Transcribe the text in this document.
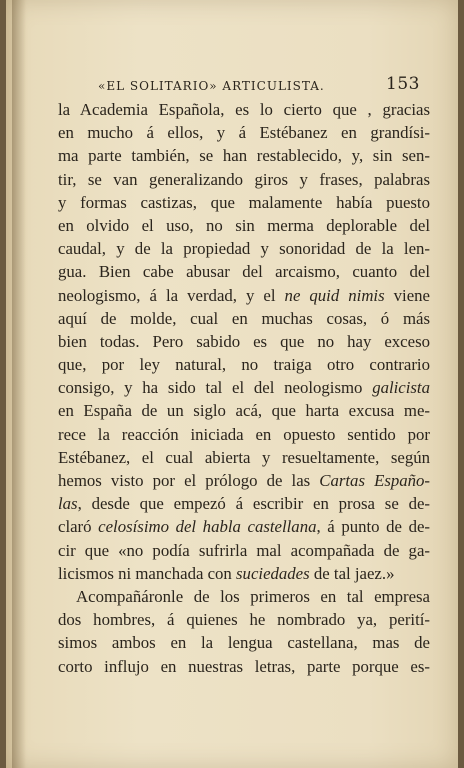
«EL SOLITARIO» ARTICULISTA.	153
la Academia Española, es lo cierto que , gracias
en mucho á ellos, y á Estébanez en grandísi-
ma parte también, se han restablecido, y, sin sen-
tir, se van generalizando giros y frases, palabras
y formas castizas, que malamente había puesto
en olvido el uso, no sin merma deplorable del
caudal, y de la propiedad y sonoridad de la len-
gua. Bien cabe abusar del arcaismo, cuanto del
neologismo, á la verdad, y el ne quid nimis viene
aquí de molde, cual en muchas cosas, ó más
bien todas. Pero sabido es que no hay exceso
que, por ley natural, no traiga otro contrario
consigo, y ha sido tal el del neologismo galicista
en España de un siglo acá, que harta excusa me-
rece la reacción iniciada en opuesto sentido por
Estébanez, el cual abierta y resueltamente, según
hemos visto por el prólogo de las Cartas Españo-
las, desde que empezó á escribir en prosa se de-
claró celosísimo del habla castellana, á punto de de-
cir que «no podía sufrirla mal acompañada de ga-
licismos ni manchada con suciedades de tal jaez.»
Acompañáronle de los primeros en tal empresa
dos hombres, á quienes he nombrado ya, perití-
simos ambos en la lengua castellana, mas de
corto influjo en nuestras letras, parte porque es-
